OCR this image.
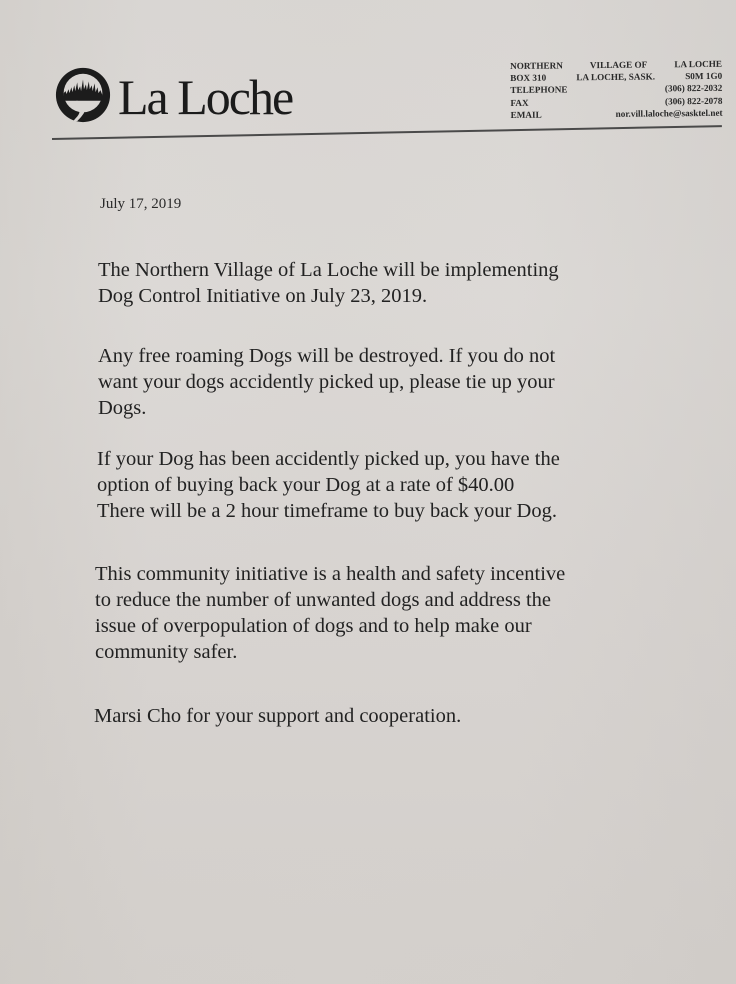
La Loche
NORTHERN	VILLAGE OF	LA LOCHE
BOX 310	LA LOCHE, SASK.	S0M 1G0
TELEPHONE	(306) 822-2032
FAX	(306) 822-2078
EMAIL	nor.vill.laloche@sasktel.net
July 17, 2019

The Northern Village of La Loche will be implementing
Dog Control Initiative on July 23, 2019.

Any free roaming Dogs will be destroyed. If you do not
want your dogs accidently picked up, please tie up your
Dogs.

If your Dog has been accidently picked up, you have the
option of buying back your Dog at a rate of $40.00
There will be a 2 hour timeframe to buy back your Dog.

This community initiative is a health and safety incentive
to reduce the number of unwanted dogs and address the
issue of overpopulation of dogs and to help make our
community safer.

Marsi Cho for your support and cooperation.
